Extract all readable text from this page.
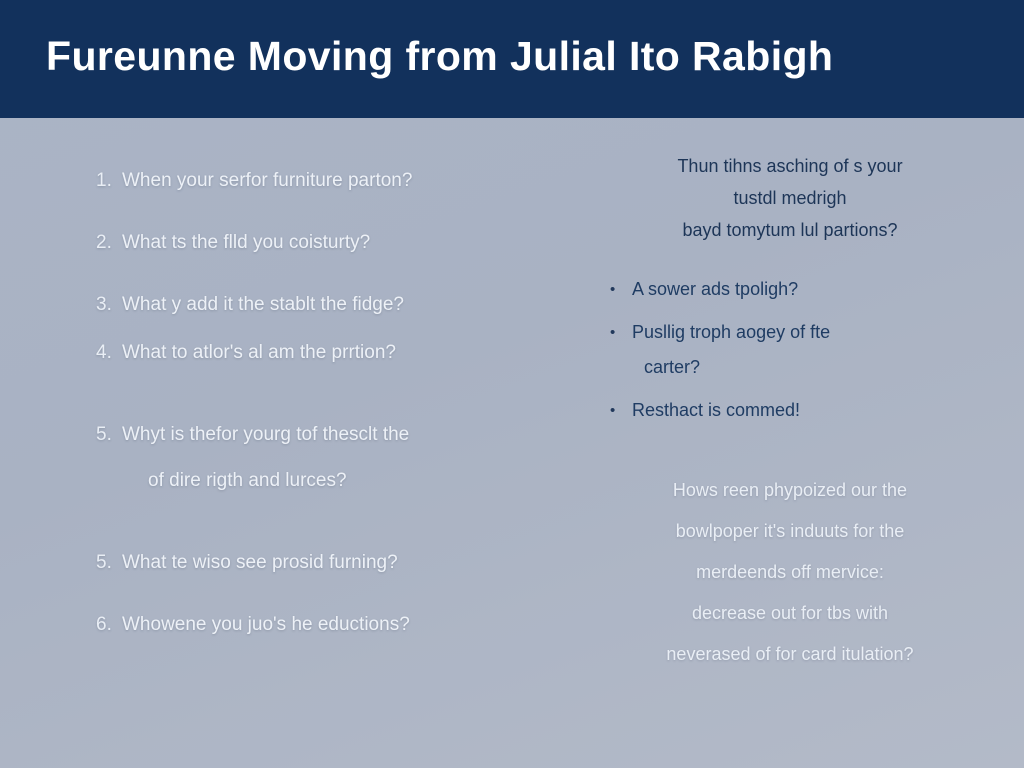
Fureunne Moving from Julial Ito Rabigh
1. When your serfor furniture parton?
2. What ts the flld you coisturty?
3. What y add it the stablt the fidge?
4. What to atlor's al am the prrtion?
5. Whyt is thefor yourg tof thesclt the
of dire rigth and lurces?
5. What te wiso see prosid furning?
6. Whowene you juo's he eductions?
Thun tihns asching of s your
tustdl medrigh
bayd tomytum lul partions?
• A sower ads tpoligh?
• Pusllig troph aogey of fte
carter?
• Resthact is commed!
Hows reen phypoized our the
bowlpoper it's induuts for the
merdeends off mervice:
decrease out for tbs with
neverased of for card itulation?
